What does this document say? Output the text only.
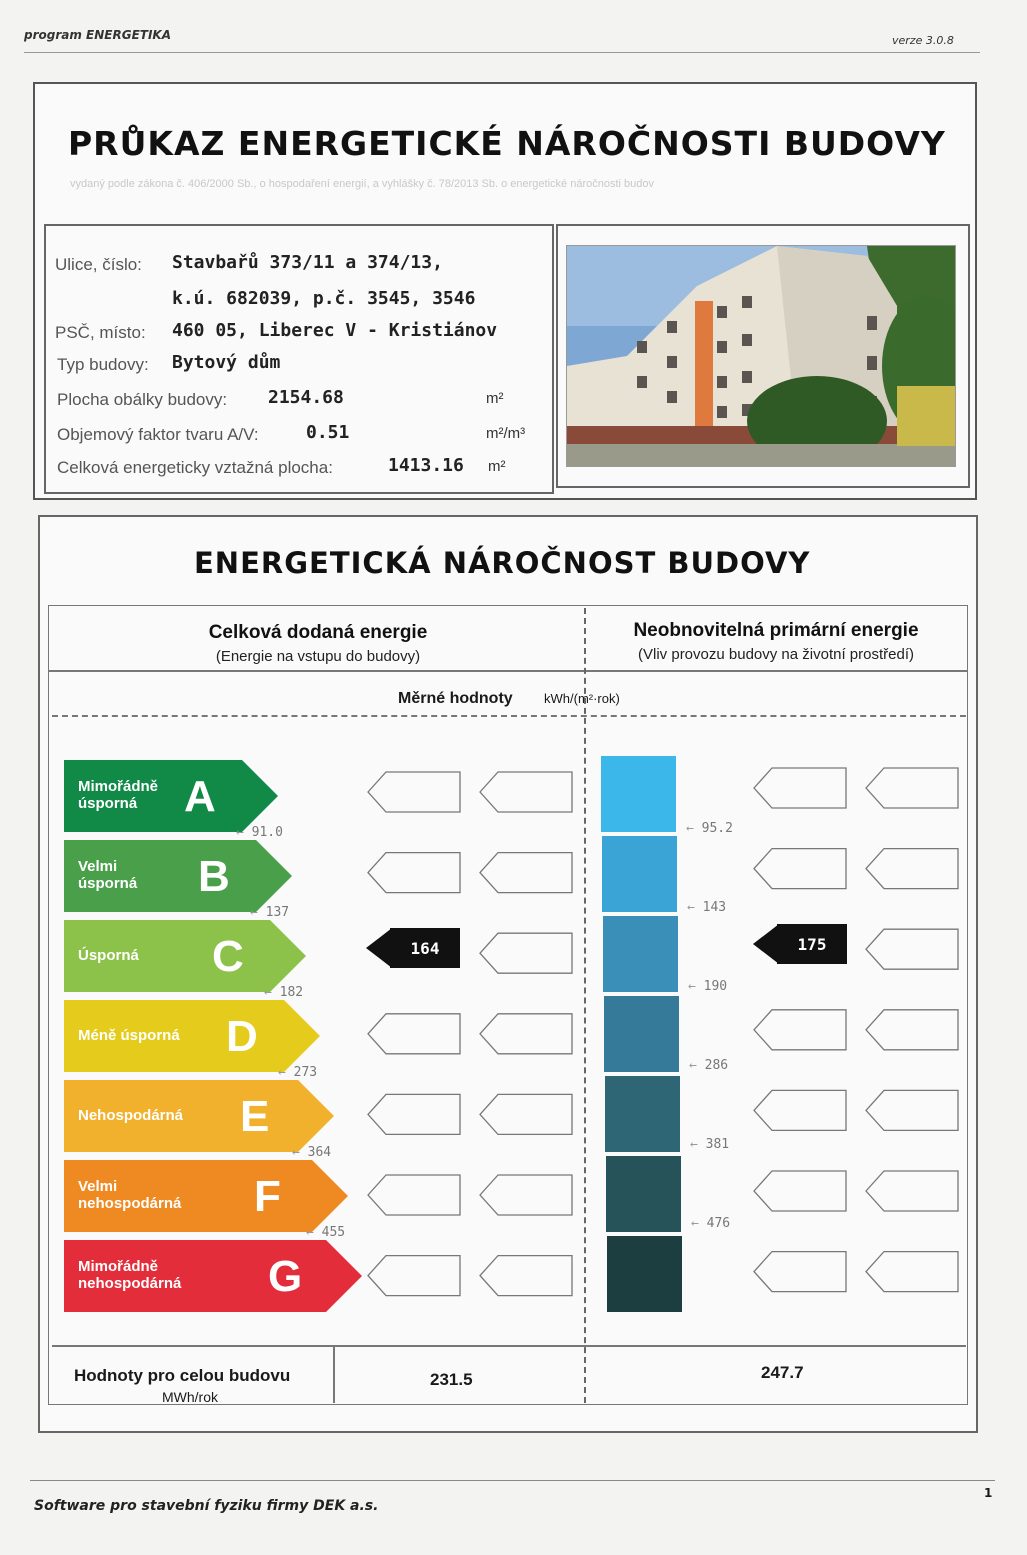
program ENERGETIKA	verze 3.0.8
PRŮKAZ ENERGETICKÉ NÁROČNOSTI BUDOVY
vydaný podle zákona č. 406/2000 Sb., o hospodaření energií, a vyhlášky č. 78/2013 Sb. o energetické náročnosti budov
Ulice, číslo: Stavbařů 373/11 a 374/13,
k.ú. 682039, p.č. 3545, 3546
PSČ, místo: 460 05, Liberec V - Kristiánov
Typ budovy: Bytový dům
Plocha obálky budovy: 2154.68	m²
Objemový faktor tvaru A/V:	0.51	m²/m³
Celková energeticky vztažná plocha:	1413.16 m²
ENERGETICKÁ NÁROČNOST BUDOVY
Celková dodaná energie
(Energie na vstupu do budovy)
Neobnovitelná primární energie
(Vliv provozu budovy na životní prostředí)
Měrné hodnoty kWh/(m²·rok)
Mimořádně
úsporná	A
Velmi
úsporná B
Úsporná C
Méně úsporná D
Nehospodárná E
Velmi
nehospodárná F
Mimořádně
nehospodárná G
← 91.0
← 137
← 182
← 273
← 364
← 455
← 95.2
← 143
← 190
← 286
← 381
← 476
164	175
Hodnoty pro celou budovu
MWh/rok
231.5	247.7
Software pro stavební fyziku firmy DEK a.s.
1
